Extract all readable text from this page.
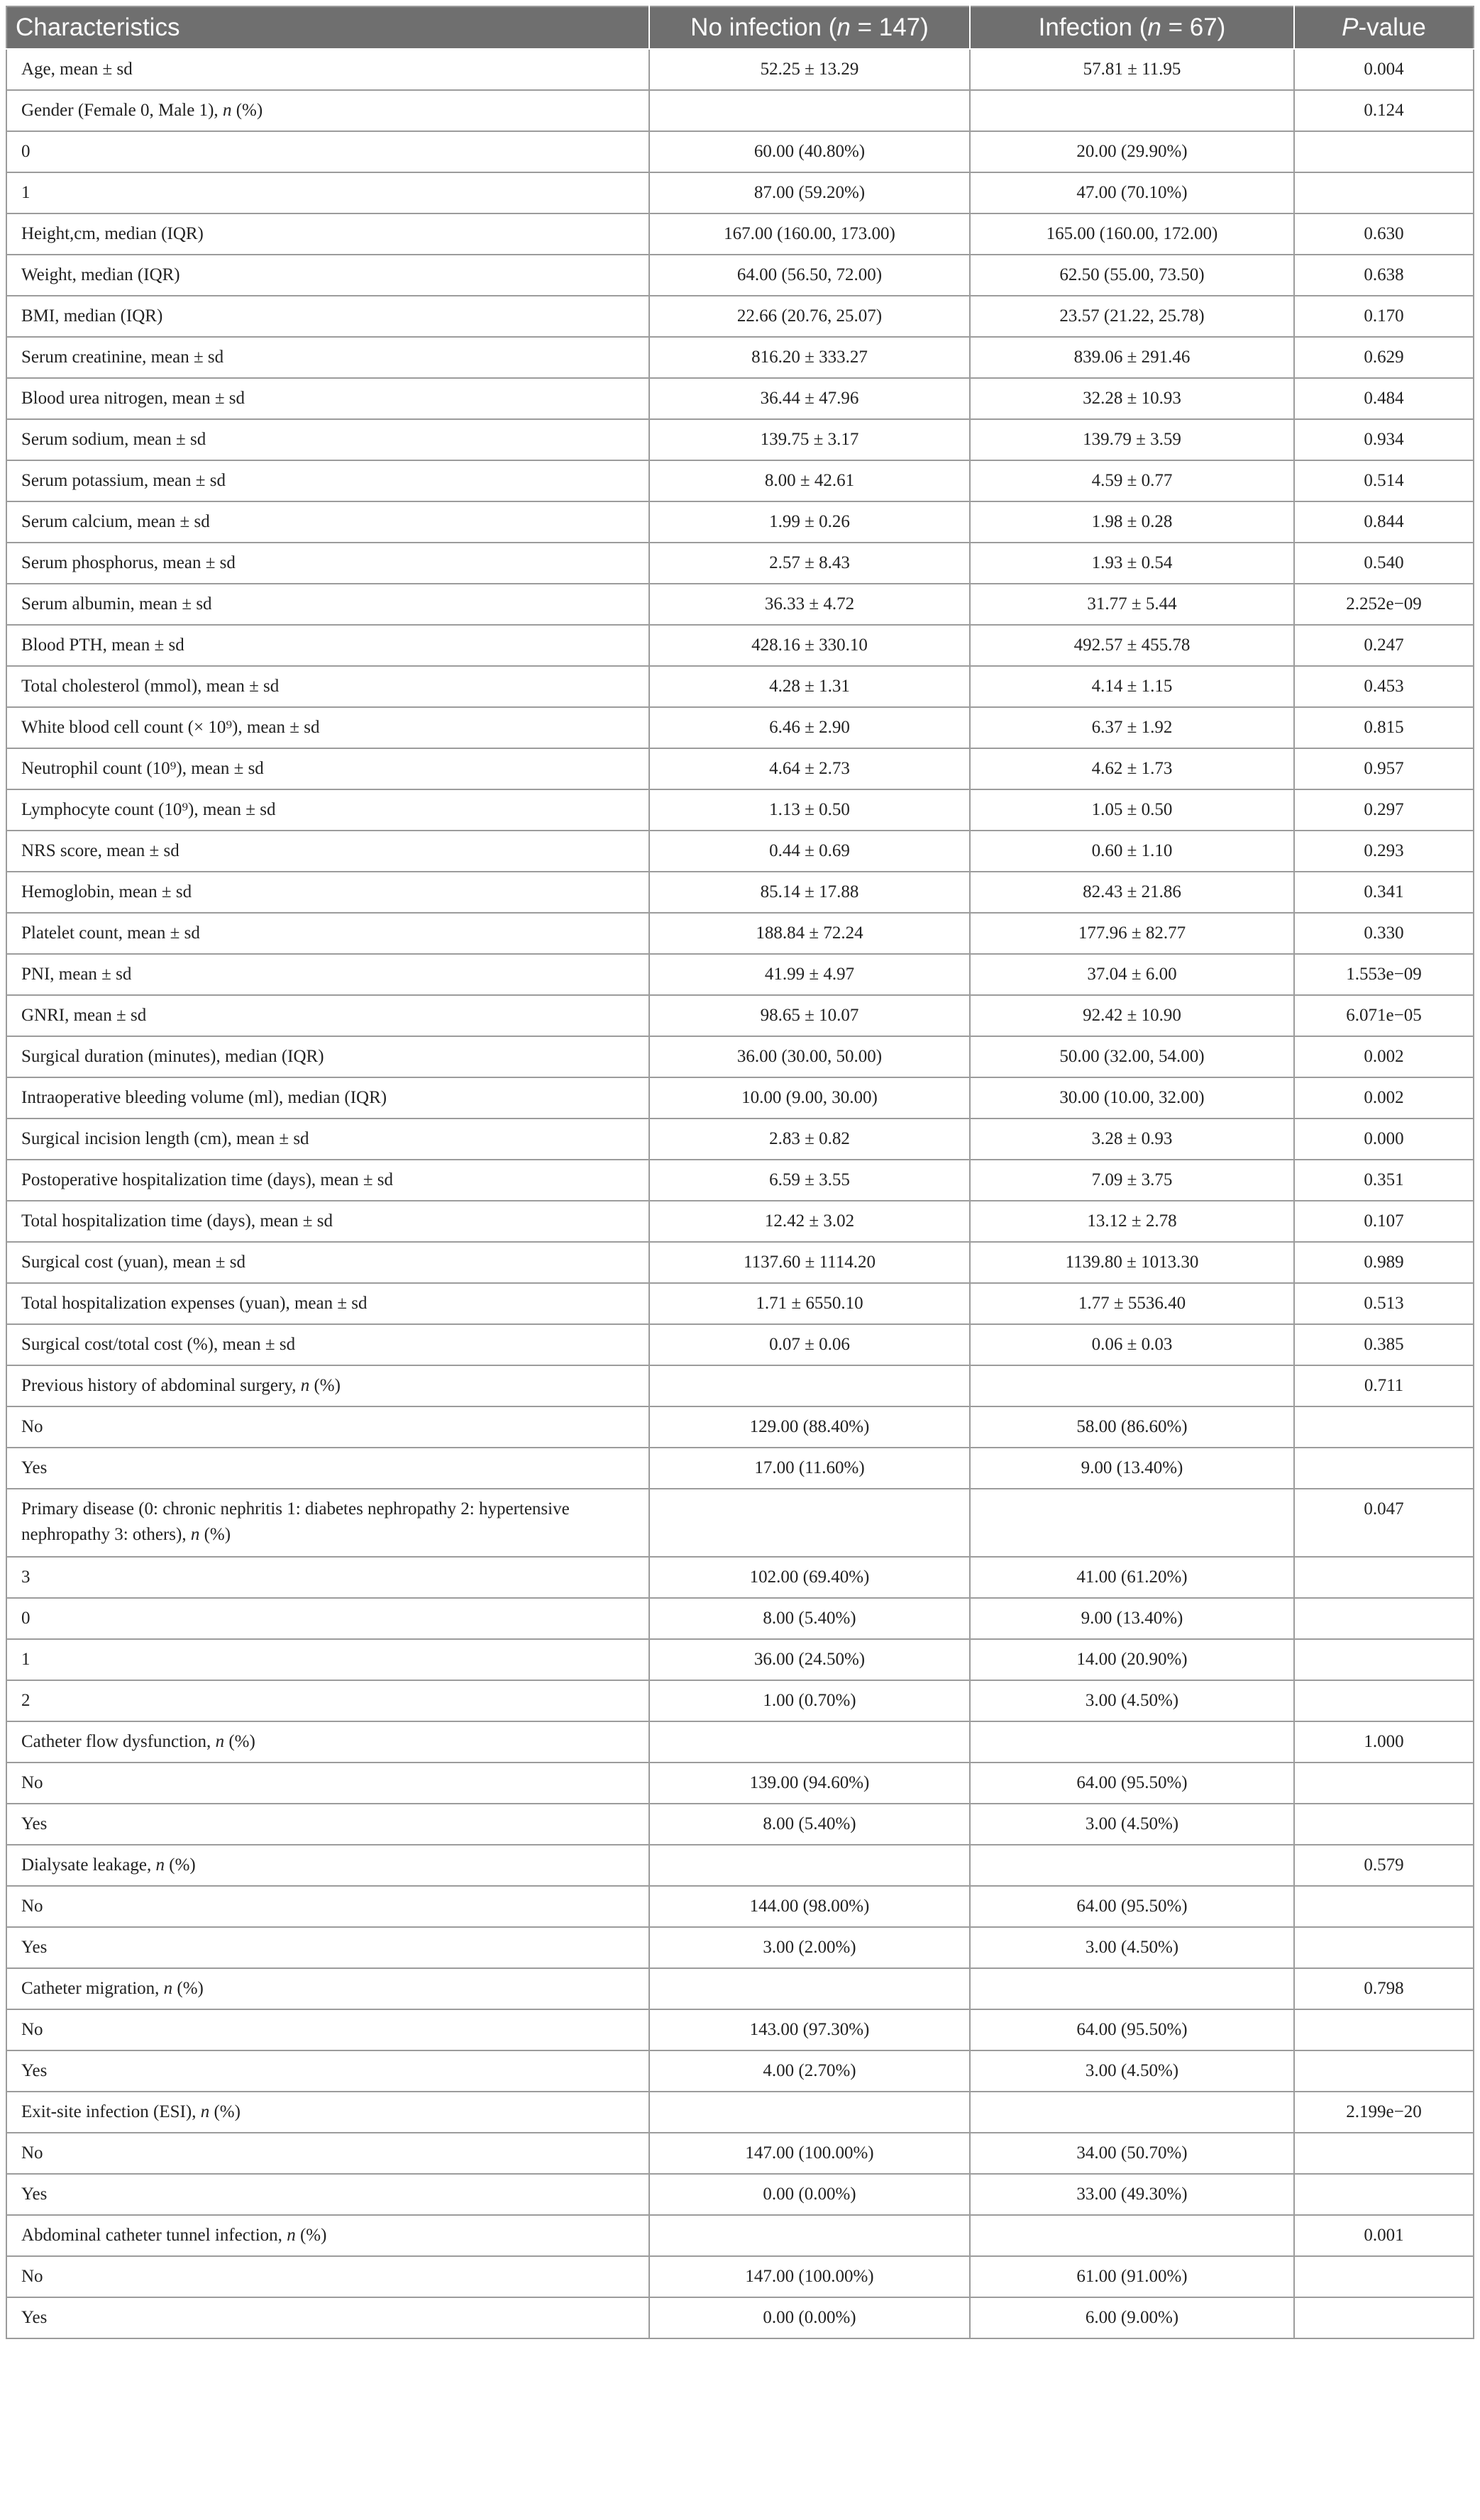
Characteristics	No infection (n = 147)	Infection (n = 67)	P-value
Age, mean ± sd	52.25 ± 13.29	57.81 ± 11.95	0.004
Gender (Female 0, Male 1), n (%)			0.124
0	60.00 (40.80%)	20.00 (29.90%)	
1	87.00 (59.20%)	47.00 (70.10%)	
Height,cm, median (IQR)	167.00 (160.00, 173.00)	165.00 (160.00, 172.00)	0.630
Weight, median (IQR)	64.00 (56.50, 72.00)	62.50 (55.00, 73.50)	0.638
BMI, median (IQR)	22.66 (20.76, 25.07)	23.57 (21.22, 25.78)	0.170
Serum creatinine, mean ± sd	816.20 ± 333.27	839.06 ± 291.46	0.629
Blood urea nitrogen, mean ± sd	36.44 ± 47.96	32.28 ± 10.93	0.484
Serum sodium, mean ± sd	139.75 ± 3.17	139.79 ± 3.59	0.934
Serum potassium, mean ± sd	8.00 ± 42.61	4.59 ± 0.77	0.514
Serum calcium, mean ± sd	1.99 ± 0.26	1.98 ± 0.28	0.844
Serum phosphorus, mean ± sd	2.57 ± 8.43	1.93 ± 0.54	0.540
Serum albumin, mean ± sd	36.33 ± 4.72	31.77 ± 5.44	2.252e−09
Blood PTH, mean ± sd	428.16 ± 330.10	492.57 ± 455.78	0.247
Total cholesterol (mmol), mean ± sd	4.28 ± 1.31	4.14 ± 1.15	0.453
White blood cell count (× 10⁹), mean ± sd	6.46 ± 2.90	6.37 ± 1.92	0.815
Neutrophil count (10⁹), mean ± sd	4.64 ± 2.73	4.62 ± 1.73	0.957
Lymphocyte count (10⁹), mean ± sd	1.13 ± 0.50	1.05 ± 0.50	0.297
NRS score, mean ± sd	0.44 ± 0.69	0.60 ± 1.10	0.293
Hemoglobin, mean ± sd	85.14 ± 17.88	82.43 ± 21.86	0.341
Platelet count, mean ± sd	188.84 ± 72.24	177.96 ± 82.77	0.330
PNI, mean ± sd	41.99 ± 4.97	37.04 ± 6.00	1.553e−09
GNRI, mean ± sd	98.65 ± 10.07	92.42 ± 10.90	6.071e−05
Surgical duration (minutes), median (IQR)	36.00 (30.00, 50.00)	50.00 (32.00, 54.00)	0.002
Intraoperative bleeding volume (ml), median (IQR)	10.00 (9.00, 30.00)	30.00 (10.00, 32.00)	0.002
Surgical incision length (cm), mean ± sd	2.83 ± 0.82	3.28 ± 0.93	0.000
Postoperative hospitalization time (days), mean ± sd	6.59 ± 3.55	7.09 ± 3.75	0.351
Total hospitalization time (days), mean ± sd	12.42 ± 3.02	13.12 ± 2.78	0.107
Surgical cost (yuan), mean ± sd	1137.60 ± 1114.20	1139.80 ± 1013.30	0.989
Total hospitalization expenses (yuan), mean ± sd	1.71 ± 6550.10	1.77 ± 5536.40	0.513
Surgical cost/total cost (%), mean ± sd	0.07 ± 0.06	0.06 ± 0.03	0.385
Previous history of abdominal surgery, n (%)			0.711
No	129.00 (88.40%)	58.00 (86.60%)	
Yes	17.00 (11.60%)	9.00 (13.40%)	
Primary disease (0: chronic nephritis 1: diabetes nephropathy 2: hypertensive nephropathy 3: others), n (%)			0.047
3	102.00 (69.40%)	41.00 (61.20%)	
0	8.00 (5.40%)	9.00 (13.40%)	
1	36.00 (24.50%)	14.00 (20.90%)	
2	1.00 (0.70%)	3.00 (4.50%)	
Catheter flow dysfunction, n (%)			1.000
No	139.00 (94.60%)	64.00 (95.50%)	
Yes	8.00 (5.40%)	3.00 (4.50%)	
Dialysate leakage, n (%)			0.579
No	144.00 (98.00%)	64.00 (95.50%)	
Yes	3.00 (2.00%)	3.00 (4.50%)	
Catheter migration, n (%)			0.798
No	143.00 (97.30%)	64.00 (95.50%)	
Yes	4.00 (2.70%)	3.00 (4.50%)	
Exit-site infection (ESI), n (%)			2.199e−20
No	147.00 (100.00%)	34.00 (50.70%)	
Yes	0.00 (0.00%)	33.00 (49.30%)	
Abdominal catheter tunnel infection, n (%)			0.001
No	147.00 (100.00%)	61.00 (91.00%)	
Yes	0.00 (0.00%)	6.00 (9.00%)	
